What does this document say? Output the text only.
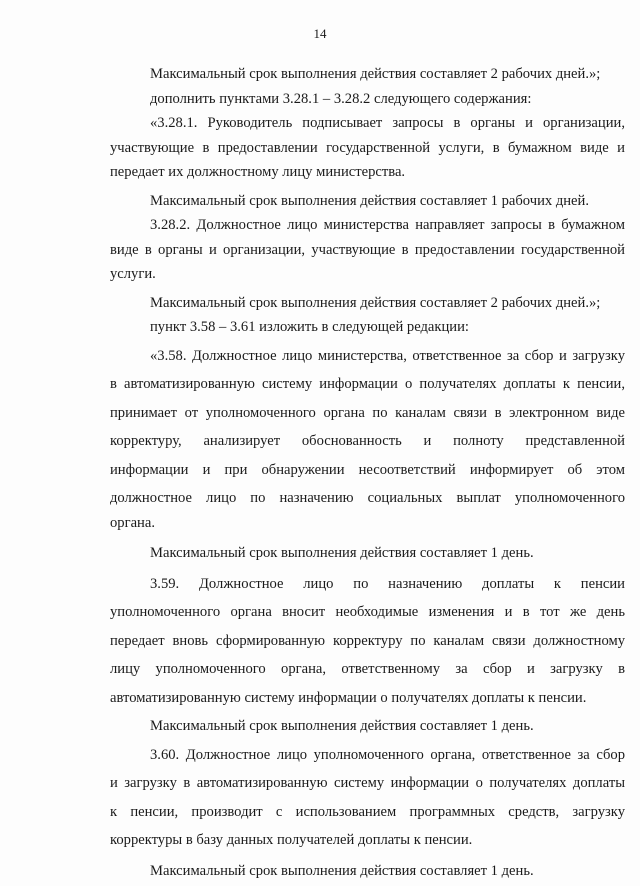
14
Максимальный срок выполнения действия составляет 2 рабочих дней.»;
дополнить пунктами 3.28.1 – 3.28.2 следующего содержания:
«3.28.1. Руководитель подписывает запросы в органы и организации,
участвующие в предоставлении государственной услуги, в бумажном виде и
передает их должностному лицу министерства.
Максимальный срок выполнения действия составляет 1 рабочих дней.
3.28.2. Должностное лицо министерства направляет запросы в бумажном
виде в органы и организации, участвующие в предоставлении государственной
услуги.
Максимальный срок выполнения действия составляет 2 рабочих дней.»;
пункт 3.58 – 3.61 изложить в следующей редакции:
«3.58. Должностное лицо министерства, ответственное за сбор и загрузку
в автоматизированную систему информации о получателях доплаты к пенсии,
принимает от уполномоченного органа по каналам связи в электронном виде
корректуру, анализирует обоснованность и полноту представленной
информации и при обнаружении несоответствий информирует об этом
должностное лицо по назначению социальных выплат уполномоченного
органа.
Максимальный срок выполнения действия составляет 1 день.
3.59. Должностное лицо по назначению доплаты к пенсии
уполномоченного органа вносит необходимые изменения и в тот же день
передает вновь сформированную корректуру по каналам связи должностному
лицу уполномоченного органа, ответственному за сбор и загрузку в
автоматизированную систему информации о получателях доплаты к пенсии.
Максимальный срок выполнения действия составляет 1 день.
3.60. Должностное лицо уполномоченного органа, ответственное за сбор
и загрузку в автоматизированную систему информации о получателях доплаты
к пенсии, производит с использованием программных средств, загрузку
корректуры в базу данных получателей доплаты к пенсии.
Максимальный срок выполнения действия составляет 1 день.
